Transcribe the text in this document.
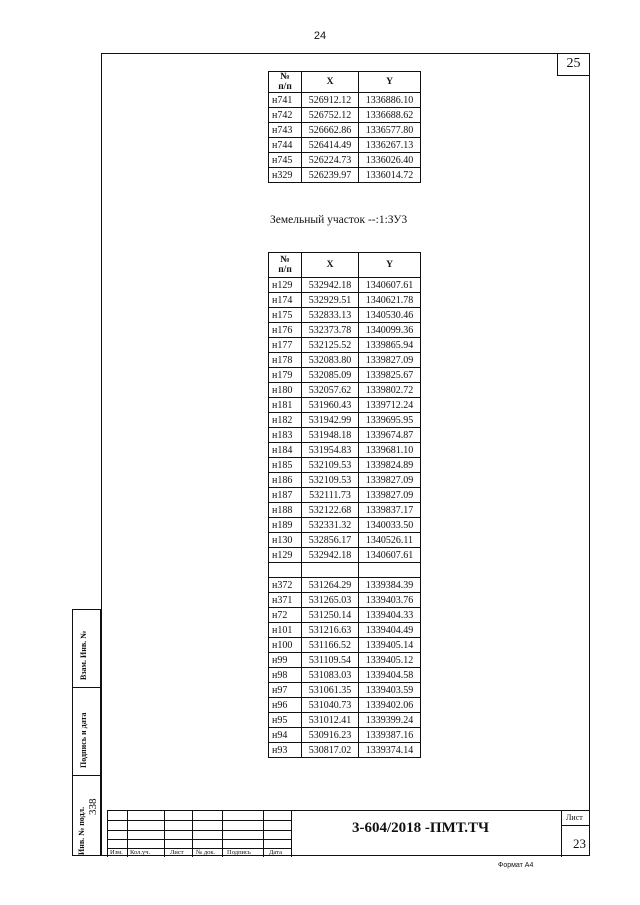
24
25
№
п/п	X	Y
н741	526912.12	1336886.10
н742	526752.12	1336688.62
н743	526662.86	1336577.80
н744	526414.49	1336267.13
н745	526224.73	1336026.40
н329	526239.97	1336014.72
Земельный участок --:1:ЗУ3
№
п/п	X	Y
н129	532942.18	1340607.61
н174	532929.51	1340621.78
н175	532833.13	1340530.46
н176	532373.78	1340099.36
н177	532125.52	1339865.94
н178	532083.80	1339827.09
н179	532085.09	1339825.67
н180	532057.62	1339802.72
н181	531960.43	1339712.24
н182	531942.99	1339695.95
н183	531948.18	1339674.87
н184	531954.83	1339681.10
н185	532109.53	1339824.89
н186	532109.53	1339827.09
н187	532111.73	1339827.09
н188	532122.68	1339837.17
н189	532331.32	1340033.50
н130	532856.17	1340526.11
н129	532942.18	1340607.61

н372	531264.29	1339384.39
н371	531265.03	1339403.76
н72	531250.14	1339404.33
н101	531216.63	1339404.49
н100	531166.52	1339405.14
н99	531109.54	1339405.12
н98	531083.03	1339404.58
н97	531061.35	1339403.59
н96	531040.73	1339402.06
н95	531012.41	1339399.24
н94	530916.23	1339387.16
н93	530817.02	1339374.14
Взам. Инв. №
Подпись и дата
Инв. № подл.
338
Изм. Кол.уч.	Лист № док. Подпись	Дата
3-604/2018 -ПМТ.ТЧ
Лист
23
Формат А4
